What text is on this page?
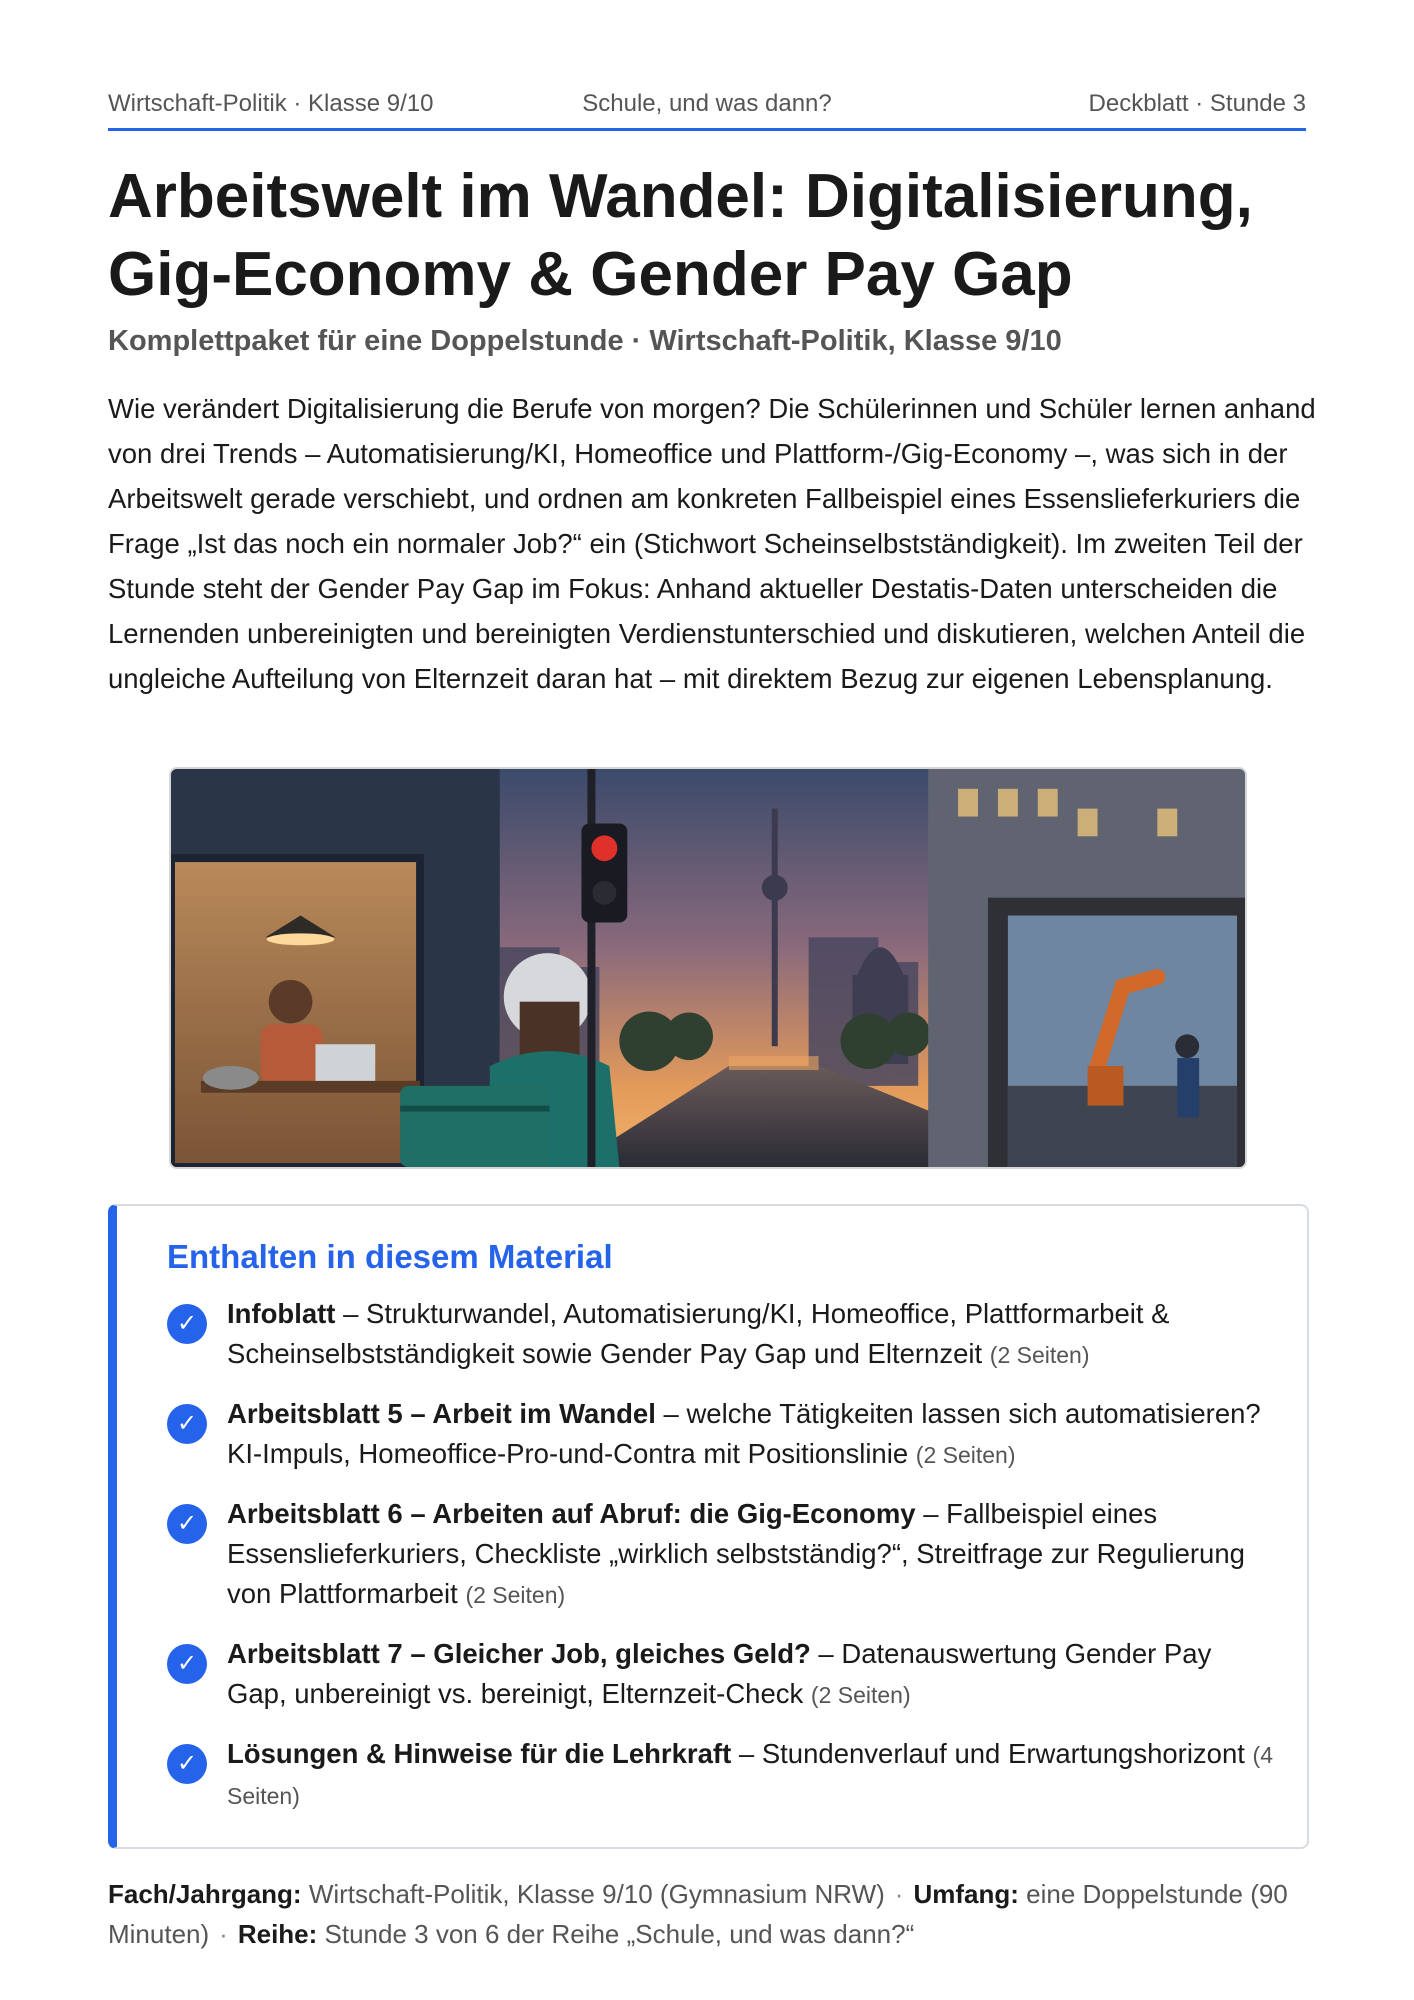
Wirtschaft-Politik · Klasse 9/10	Schule, und was dann?	Deckblatt · Stunde 3
Arbeitswelt im Wandel: Digitalisierung, Gig-Economy & Gender Pay Gap

Komplettpaket für eine Doppelstunde · Wirtschaft-Politik, Klasse 9/10

Wie verändert Digitalisierung die Berufe von morgen? Die Schülerinnen und Schüler lernen anhand von drei Trends – Automatisierung/KI, Homeoffice und Plattform-/Gig-Economy –, was sich in der Arbeitswelt gerade verschiebt, und ordnen am konkreten Fallbeispiel eines Essenslieferkuriers die Frage „Ist das noch ein normaler Job?“ ein (Stichwort Scheinselbstständigkeit). Im zweiten Teil der Stunde steht der Gender Pay Gap im Fokus: Anhand aktueller Destatis-Daten unterscheiden die Lernenden unbereinigten und bereinigten Verdienstunterschied und diskutieren, welchen Anteil die ungleiche Aufteilung von Elternzeit daran hat – mit direktem Bezug zur eigenen Lebensplanung.

Enthalten in diesem Material
✓	Infoblatt – Strukturwandel, Automatisierung/KI, Homeoffice, Plattformarbeit & Scheinselbstständigkeit sowie Gender Pay Gap und Elternzeit (2 Seiten)
✓	Arbeitsblatt 5 – Arbeit im Wandel – welche Tätigkeiten lassen sich automatisieren? KI-Impuls, Homeoffice-Pro-und-Contra mit Positionslinie (2 Seiten)
✓	Arbeitsblatt 6 – Arbeiten auf Abruf: die Gig-Economy – Fallbeispiel eines Essenslieferkuriers, Checkliste „wirklich selbstständig?“, Streitfrage zur Regulierung von Plattformarbeit (2 Seiten)
✓	Arbeitsblatt 7 – Gleicher Job, gleiches Geld? – Datenauswertung Gender Pay Gap, unbereinigt vs. bereinigt, Elternzeit-Check (2 Seiten)
✓	Lösungen & Hinweise für die Lehrkraft – Stundenverlauf und Erwartungshorizont (4 Seiten)

Fach/Jahrgang: Wirtschaft-Politik, Klasse 9/10 (Gymnasium NRW) · Umfang: eine Doppelstunde (90 Minuten) · Reihe: Stunde 3 von 6 der Reihe „Schule, und was dann?“
